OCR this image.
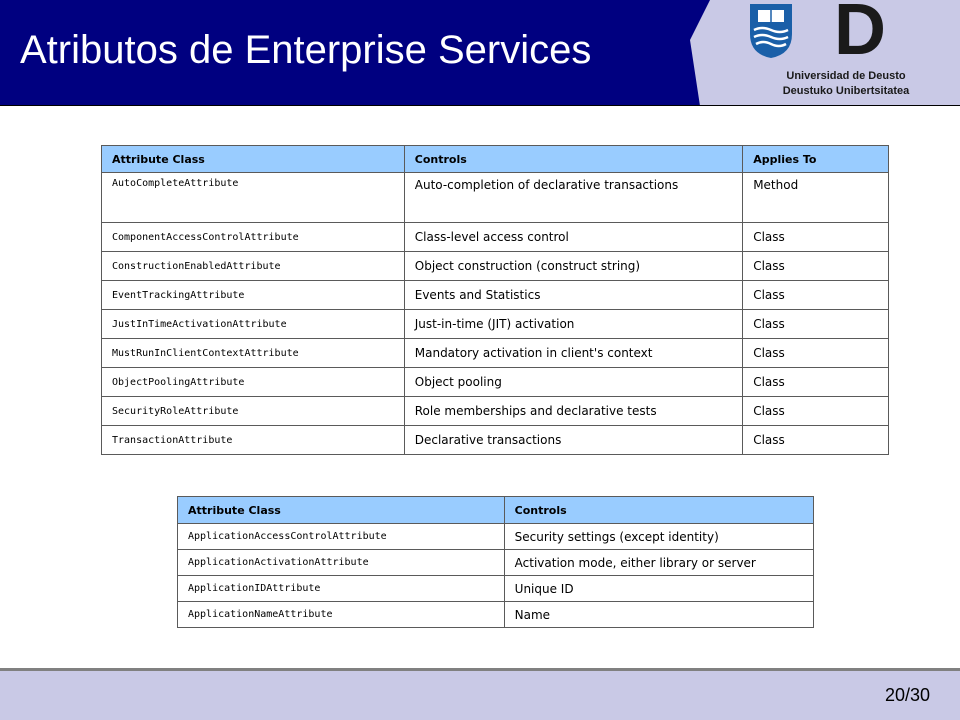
Atributos de Enterprise Services	D
Universidad de Deusto
Deustuko Unibertsitatea
Attribute Class	Controls	Applies To
AutoCompleteAttribute	Auto-completion of declarative transactions	Method
ComponentAccessControlAttribute	Class-level access control	Class
ConstructionEnabledAttribute	Object construction (construct string)	Class
EventTrackingAttribute	Events and Statistics	Class
JustInTimeActivationAttribute	Just-in-time (JIT) activation	Class
MustRunInClientContextAttribute	Mandatory activation in client's context	Class
ObjectPoolingAttribute	Object pooling	Class
SecurityRoleAttribute	Role memberships and declarative tests	Class
TransactionAttribute	Declarative transactions	Class
Attribute Class	Controls
ApplicationAccessControlAttribute	Security settings (except identity)
ApplicationActivationAttribute	Activation mode, either library or server
ApplicationIDAttribute	Unique ID
ApplicationNameAttribute	Name
20/30
